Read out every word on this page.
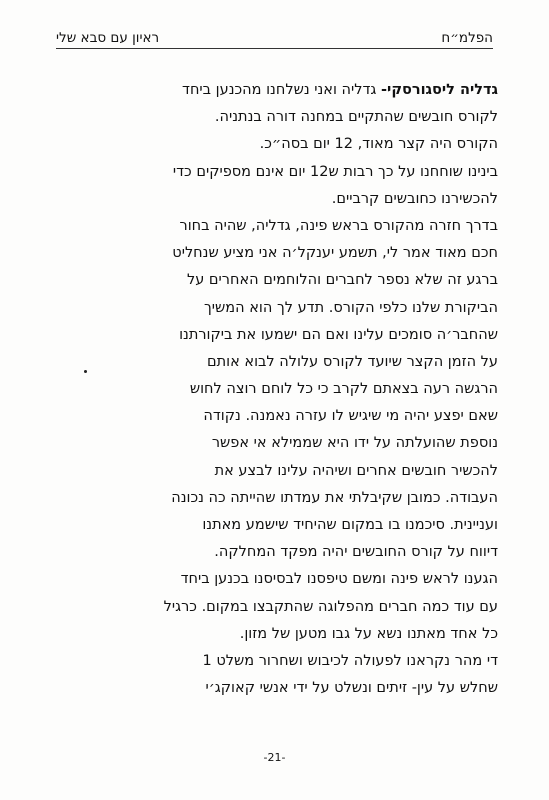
ראיון עם סבא שלי	הפלמ״ח
גדליה ליסגורסקי- גדליה ואני נשלחנו מהכנען ביחד
לקורס חובשים שהתקיים במחנה דורה בנתניה.
הקורס היה קצר מאוד, 12 יום בסה״כ.
בינינו שוחחנו על כך רבות ש12 יום אינם מספיקים כדי
להכשירנו כחובשים קרביים.
בדרך חזרה מהקורס בראש פינה, גדליה, שהיה בחור
חכם מאוד אמר לי, תשמע יענקל׳ה אני מציע שנחליט
ברגע זה שלא נספר לחברים והלוחמים האחרים על
הביקורת שלנו כלפי הקורס. תדע לך הוא המשיך
שהחבר׳ה סומכים עלינו ואם הם ישמעו את ביקורתנו
על הזמן הקצר שיועד לקורס עלולה לבוא אותם
הרגשה רעה בצאתם לקרב כי כל לוחם רוצה לחוש
שאם יפצע יהיה מי שיגיש לו עזרה נאמנה. נקודה
נוספת שהועלתה על ידו היא שממילא אי אפשר
להכשיר חובשים אחרים ושיהיה עלינו לבצע את
העבודה. כמובן שקיבלתי את עמדתו שהייתה כה נכונה
ועניינית. סיכמנו בו במקום שהיחיד שישמע מאתנו
דיווח על קורס החובשים יהיה מפקד המחלקה.
הגענו לראש פינה ומשם טיפסנו לבסיסנו בכנען ביחד
עם עוד כמה חברים מהפלוגה שהתקבצו במקום. כרגיל
כל אחד מאתנו נשא על גבו מטען של מזון.
די מהר נקראנו לפעולה לכיבוש ושחרור משלט 1
שחלש על עין- זיתים ונשלט על ידי אנשי קאוקג׳י
-21-
